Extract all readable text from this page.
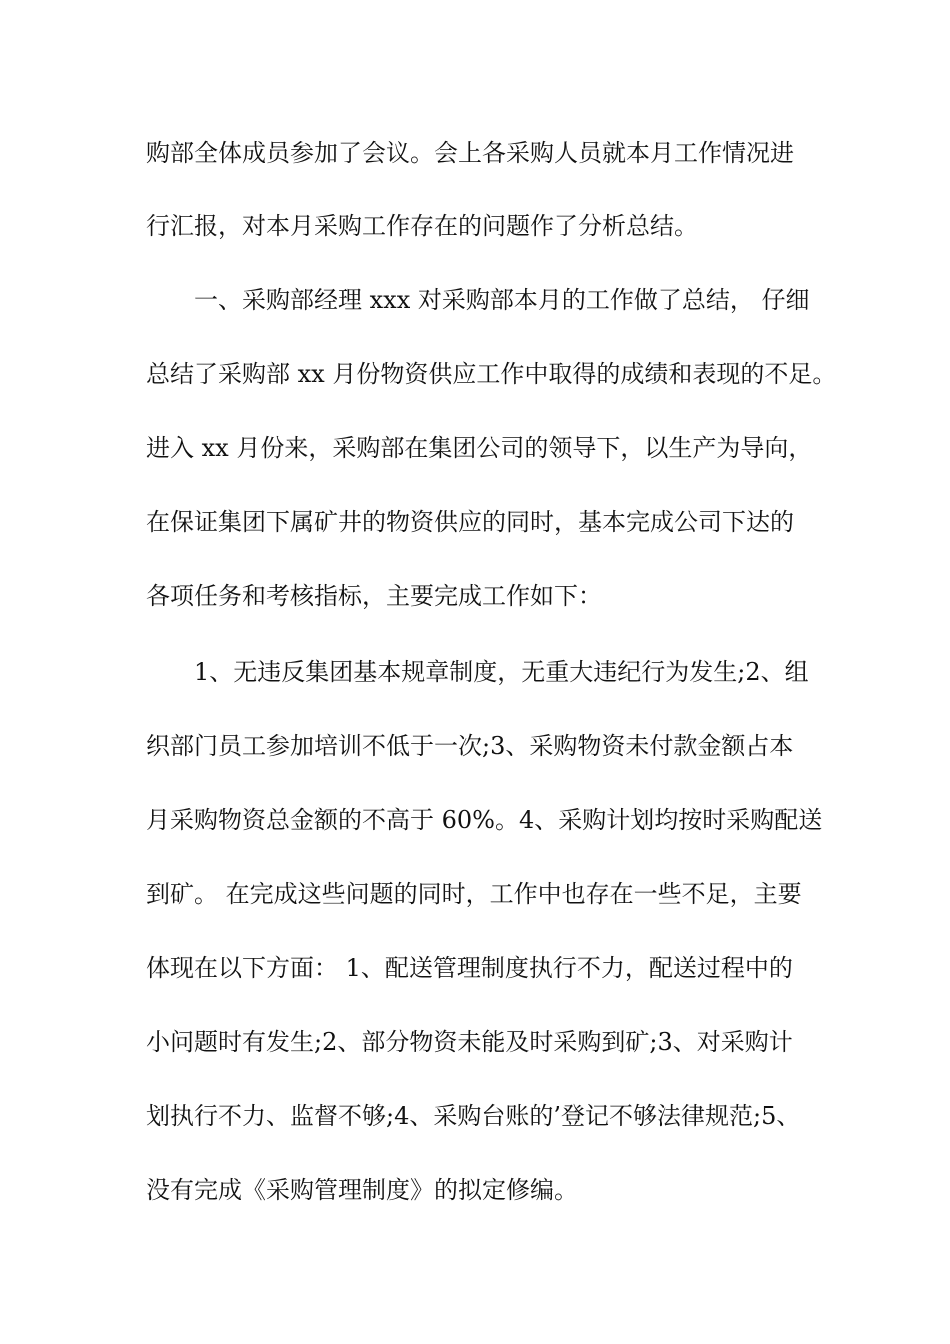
购部全体成员参加了会议。会上各采购人员就本月工作情况进
行汇报，对本月采购工作存在的问题作了分析总结。
一、采购部经理 xxx 对采购部本月的工作做了总结， 仔细
总结了采购部 xx 月份物资供应工作中取得的成绩和表现的不足。
进入 xx 月份来，采购部在集团公司的领导下，以生产为导向，
在保证集团下属矿井的物资供应的同时，基本完成公司下达的
各项任务和考核指标，主要完成工作如下：
1、无违反集团基本规章制度，无重大违纪行为发生;2、组
织部门员工参加培训不低于一次;3、采购物资未付款金额占本
月采购物资总金额的不高于 60%。4、采购计划均按时采购配送
到矿。 在完成这些问题的同时，工作中也存在一些不足，主要
体现在以下方面： 1、配送管理制度执行不力，配送过程中的
小问题时有发生;2、部分物资未能及时采购到矿;3、对采购计
划执行不力、监督不够;4、采购台账的’登记不够法律规范;5、
没有完成《采购管理制度》的拟定修编。
